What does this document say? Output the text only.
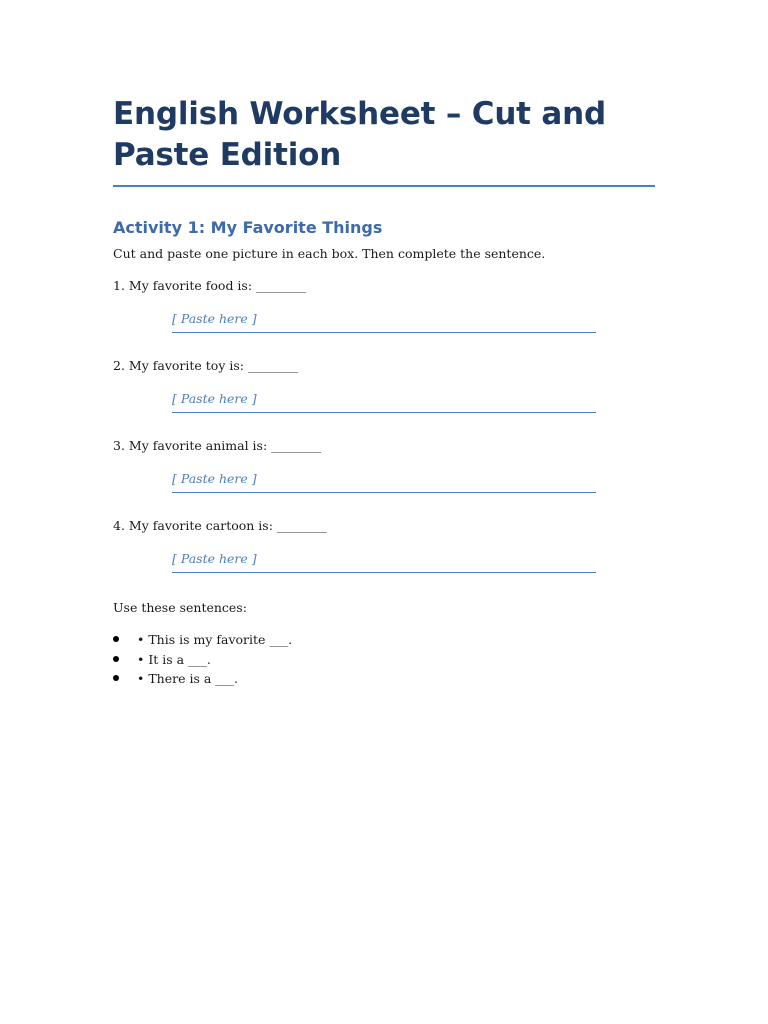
English Worksheet – Cut and Paste Edition
Activity 1: My Favorite Things

Cut and paste one picture in each box. Then complete the sentence.

1. My favorite food is: ________

[ Paste here ]

2. My favorite toy is: ________

[ Paste here ]

3. My favorite animal is: ________

[ Paste here ]

4. My favorite cartoon is: ________

[ Paste here ]

Use these sentences:

• This is my favorite ___.
• It is a ___.
• There is a ___.
